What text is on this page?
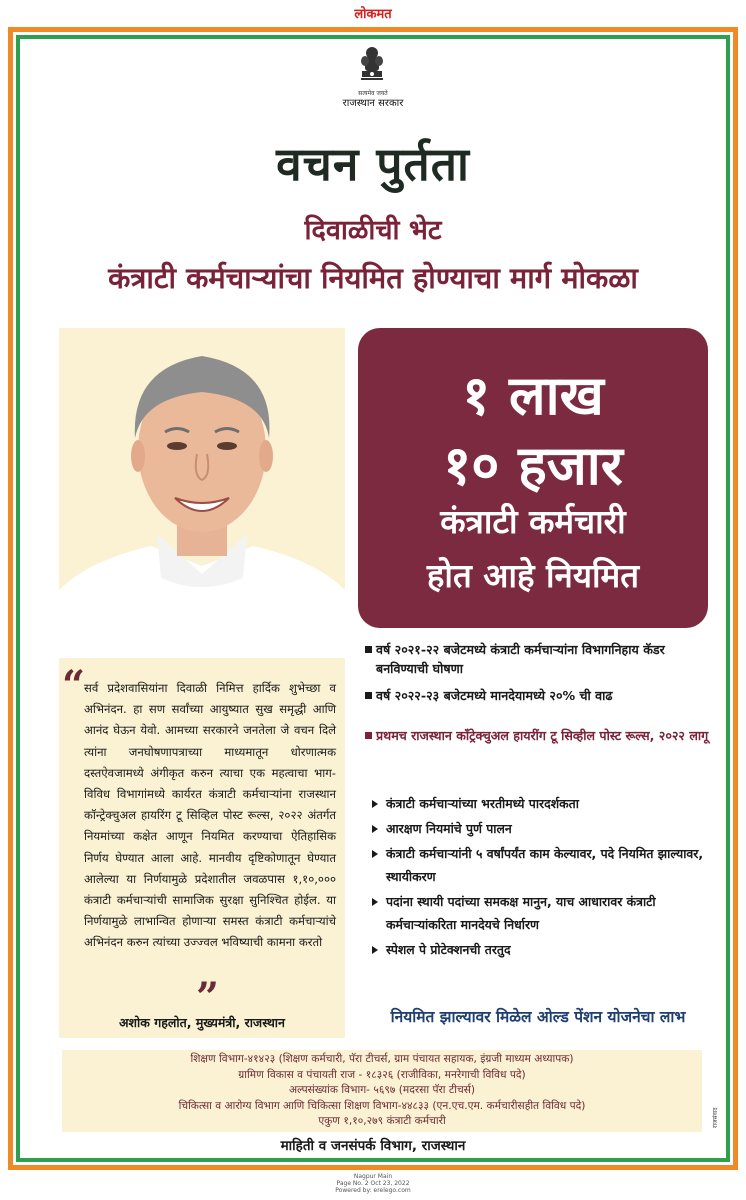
लोकमत
सत्यमेव जयते
राजस्थान सरकार
वचन पुर्तता
दिवाळीची भेट
कंत्राटी कर्मचाऱ्यांचा नियमित होण्याचा मार्ग मोकळा
१ लाख
१० हजार
कंत्राटी कर्मचारी
होत आहे नियमित
“
सर्व प्रदेशवासियांना दिवाळी निमित्त हार्दिक शुभेच्छा व अभिनंदन. हा सण सर्वांच्या आयुष्यात सुख समृद्धी आणि आनंद घेऊन येवो. आमच्या सरकारने जनतेला जे वचन दिले त्यांना जनघोषणापत्राच्या माध्यमातून धोरणात्मक दस्तऐवजामध्ये अंगीकृत करुन त्याचा एक महत्वाचा भाग- विविध विभागांमध्ये कार्यरत कंत्राटी कर्मचाऱ्यांना राजस्थान कॉन्ट्रेक्चुअल हायरिंग टू सिव्हिल पोस्ट रूल्स, २०२२ अंतर्गत नियमांच्या कक्षेत आणून नियमित करण्याचा ऐतिहासिक निर्णय घेण्यात आला आहे. मानवीय दृष्टिकोणातून घेण्यात आलेल्या या निर्णयामुळे प्रदेशातील जवळपास १,१०,००० कंत्राटी कर्मचाऱ्यांची सामाजिक सुरक्षा सुनिश्चित होईल. या निर्णयामुळे लाभान्वित होणाऱ्या समस्त कंत्राटी कर्मचाऱ्यांचे अभिनंदन करुन त्यांच्या उज्ज्वल भविष्याची कामना करतो
”
अशोक गहलोत, मुख्यमंत्री, राजस्थान
वर्ष २०२१-२२ बजेटमध्ये कंत्राटी कर्मचाऱ्यांना विभागनिहाय कॅडर बनविण्याची घोषणा
वर्ष २०२२-२३ बजेटमध्ये मानदेयामध्ये २०% ची वाढ
प्रथमच राजस्थान कॉंट्रेक्चुअल हायरींग टू सिव्हील पोस्ट रूल्स, २०२२ लागू
कंत्राटी कर्मचाऱ्यांच्या भरतीमध्ये पारदर्शकता
आरक्षण नियमांचे पुर्ण पालन
कंत्राटी कर्मचाऱ्यांनी ५ वर्षांपर्यंत काम केल्यावर, पदे नियमित झाल्यावर, स्थायीकरण
पदांना स्थायी पदांच्या समकक्ष मानुन, याच आधारावर कंत्राटी कर्मचाऱ्यांकरिता मानदेयचे निर्धारण
स्पेशल पे प्रोटेक्शनची तरतुद
नियमित झाल्यावर मिळेल ओल्ड पेंशन योजनेचा लाभ
शिक्षण विभाग-४१४२३ (शिक्षण कर्मचारी, पॅरा टीचर्स, ग्राम पंचायत सहायक, इंग्रजी माध्यम अध्यापक)
ग्रामिण विकास व पंचायती राज - १८३२६ (राजीविका, मनरेगाची विविध पदे)
अल्पसंख्यांक विभाग- ५६९७ (मदरसा पॅरा टीचर्स)
चिकित्सा व आरोग्य विभाग आणि चिकित्सा शिक्षण विभाग-४४८३३ (एन.एच.एम. कर्मचारीसहीत विविध पदे)
एकुण १,१०,२७९ कंत्राटी कर्मचारी	राजसंवाद
माहिती व जनसंपर्क विभाग, राजस्थान
Nagpur Main
Page No. 2 Oct 23, 2022
Powered by: erelego.com
